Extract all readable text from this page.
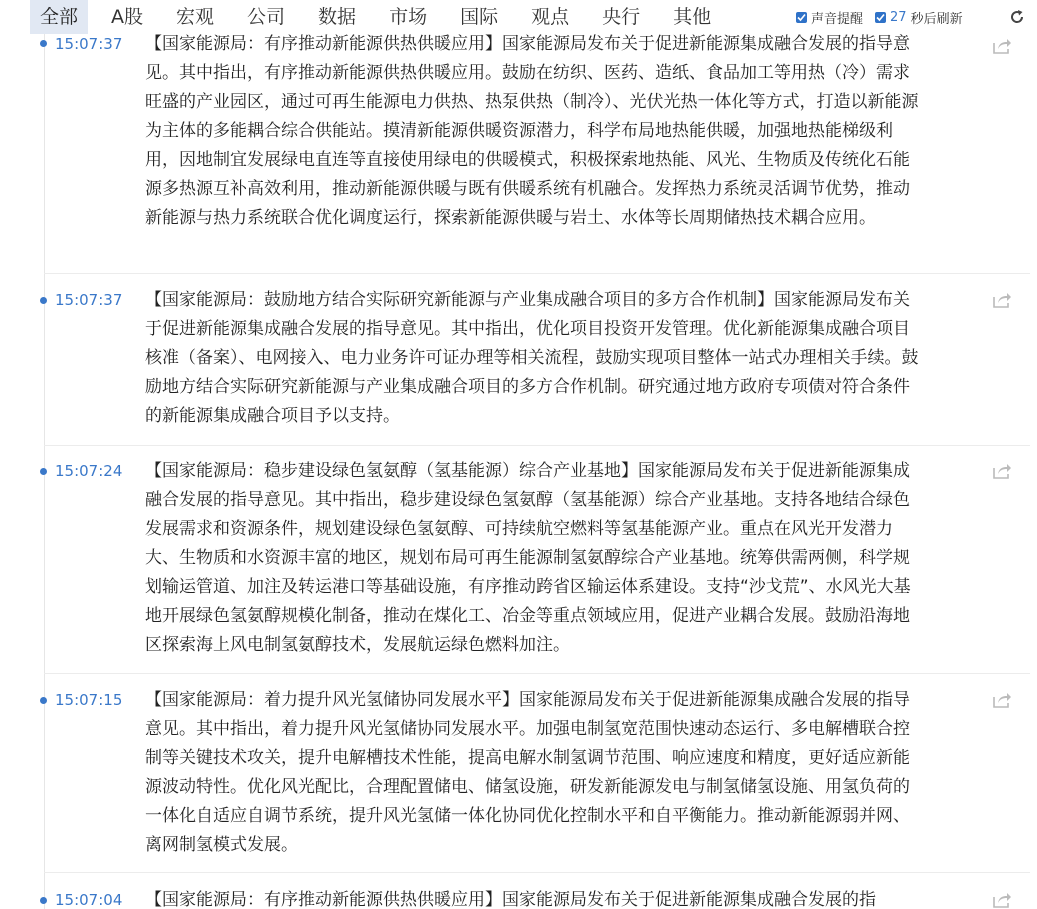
15:07:37 【国家能源局：有序推动新能源供热供暖应用】国家能源局发布关于促进新能源集成融合发展的指导意见。其中指出，有序推动新能源供热供暖应用。鼓励在纺织、医药、造纸、食品加工等用热（冷）需求旺盛的产业园区，通过可再生能源电力供热、热泵供热（制冷）、光伏光热一体化等方式，打造以新能源为主体的多能耦合综合供能站。摸清新能源供暖资源潜力，科学布局地热能供暖，加强地热能梯级利用，因地制宜发展绿电直连等直接使用绿电的供暖模式，积极探索地热能、风光、生物质及传统化石能源多热源互补高效利用，推动新能源供暖与既有供暖系统有机融合。发挥热力系统灵活调节优势，推动新能源与热力系统联合优化调度运行，探索新能源供暖与岩土、水体等长周期储热技术耦合应用。
15:07:37 【国家能源局：鼓励地方结合实际研究新能源与产业集成融合项目的多方合作机制】国家能源局发布关于促进新能源集成融合发展的指导意见。其中指出，优化项目投资开发管理。优化新能源集成融合项目核准（备案）、电网接入、电力业务许可证办理等相关流程，鼓励实现项目整体一站式办理相关手续。鼓励地方结合实际研究新能源与产业集成融合项目的多方合作机制。研究通过地方政府专项债对符合条件的新能源集成融合项目予以支持。
15:07:24 【国家能源局：稳步建设绿色氢氨醇（氢基能源）综合产业基地】国家能源局发布关于促进新能源集成融合发展的指导意见。其中指出，稳步建设绿色氢氨醇（氢基能源）综合产业基地。支持各地结合绿色发展需求和资源条件，规划建设绿色氢氨醇、可持续航空燃料等氢基能源产业。重点在风光开发潜力大、生物质和水资源丰富的地区，规划布局可再生能源制氢氨醇综合产业基地。统筹供需两侧，科学规划输运管道、加注及转运港口等基础设施，有序推动跨省区输运体系建设。支持“沙戈荒”、水风光大基地开展绿色氢氨醇规模化制备，推动在煤化工、冶金等重点领域应用，促进产业耦合发展。鼓励沿海地区探索海上风电制氢氨醇技术，发展航运绿色燃料加注。
15:07:15 【国家能源局：着力提升风光氢储协同发展水平】国家能源局发布关于促进新能源集成融合发展的指导意见。其中指出，着力提升风光氢储协同发展水平。加强电制氢宽范围快速动态运行、多电解槽联合控制等关键技术攻关，提升电解槽技术性能，提高电解水制氢调节范围、响应速度和精度，更好适应新能源波动特性。优化风光配比，合理配置储电、储氢设施，研发新能源发电与制氢储氢设施、用氢负荷的一体化自适应自调节系统，提升风光氢储一体化协同优化控制水平和自平衡能力。推动新能源弱并网、离网制氢模式发展。
15:07:04 【国家能源局：有序推动新能源供热供暖应用】国家能源局发布关于促进新能源集成融合发展的指
全部	A股	宏观	公司	数据	市场	国际	观点	央行	其他	声音提醒 27 秒后刷新
